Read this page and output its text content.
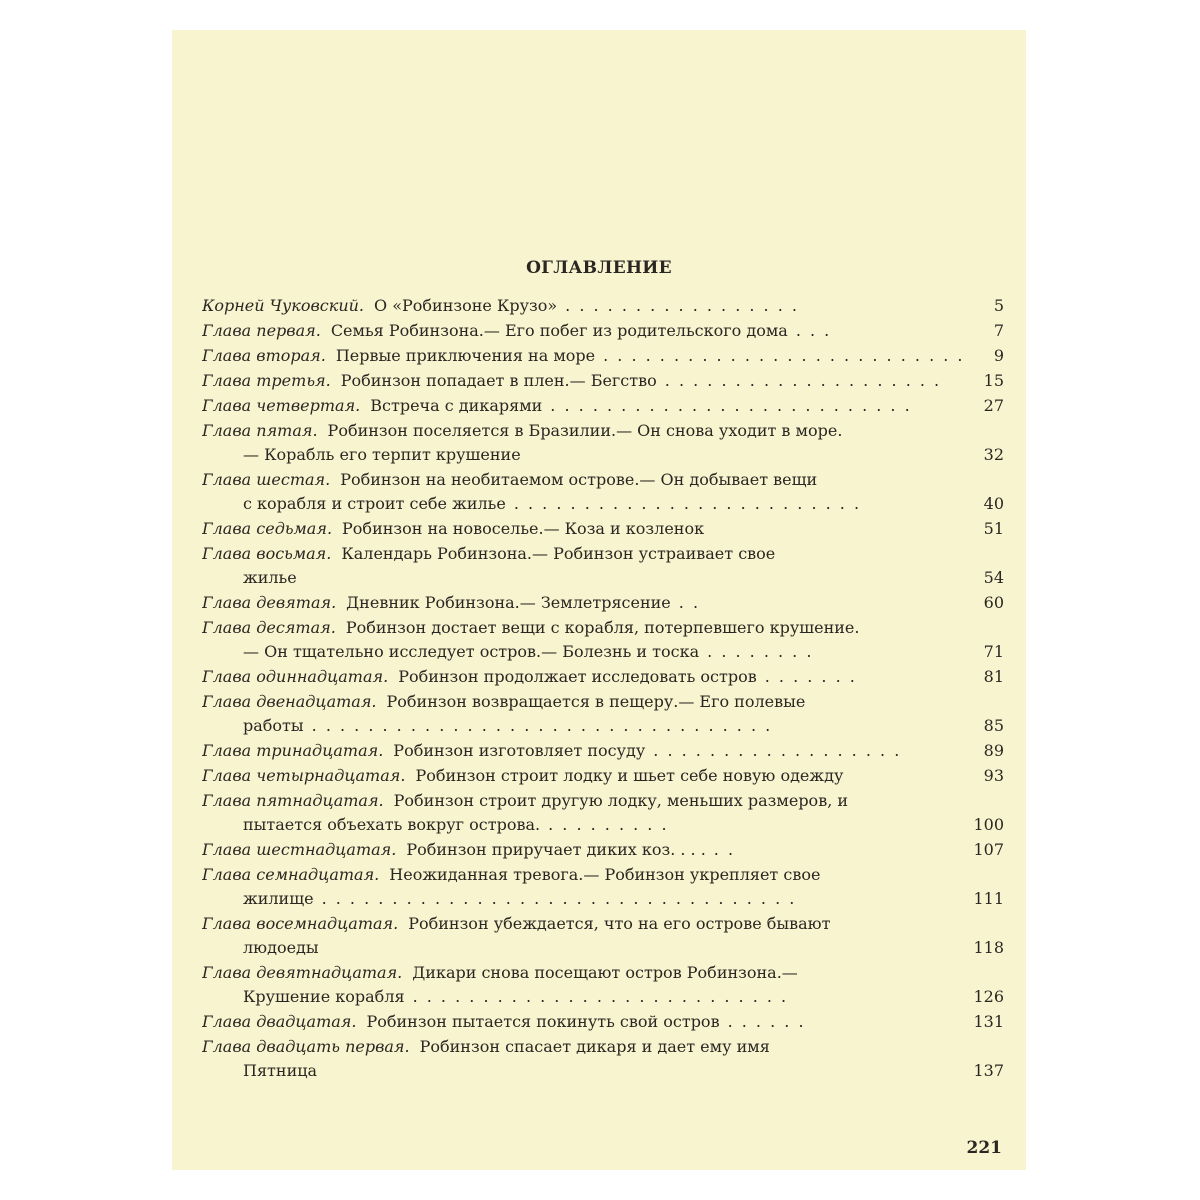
ОГЛАВЛЕНИЕ
Корней Чуковский. О «Робинзоне Крузо» . . . . . . . . . . . . . . . . .	5
Глава первая. Семья Робинзона.— Его побег из родительского дома . . .	7
Глава вторая. Первые приключения на море . . . . . . . . . . . . . . . . . . . . . . . . . . 9
Глава третья. Робинзон попадает в плен.— Бегство . . . . . . . . . . . . . . . . . . . .	15
Глава четвертая. Встреча с дикарями . . . . . . . . . . . . . . . . . . . . . . . . . .	27
Глава пятая. Робинзон поселяется в Бразилии.— Он снова уходит в море.
— Корабль его терпит крушение	32
Глава шестая. Робинзон на необитаемом острове.— Он добывает вещи
с корабля и строит себе жилье . . . . . . . . . . . . . . . . . . . . . . . . .	40
Глава седьмая. Робинзон на новоселье.— Коза и козленок	51
Глава восьмая. Календарь Робинзона.— Робинзон устраивает свое
жилье	54
Глава девятая. Дневник Робинзона.— Землетрясение . .	60
Глава десятая. Робинзон достает вещи с корабля, потерпевшего крушение.
— Он тщательно исследует остров.— Болезнь и тоска . . . . . . . .	71
Глава одиннадцатая. Робинзон продолжает исследовать остров . . . . . . .	81
Глава двенадцатая. Робинзон возвращается в пещеру.— Его полевые
работы . . . . . . . . . . . . . . . . . . . . . . . . . . . . . . . . .	85
Глава тринадцатая. Робинзон изготовляет посуду . . . . . . . . . . . . . . . . . .	89
Глава четырнадцатая. Робинзон строит лодку и шьет себе новую одежду	93
Глава пятнадцатая. Робинзон строит другую лодку, меньших размеров, и
пытается объехать вокруг острова. . . . . . . . . .	100
Глава шестнадцатая. Робинзон приручает диких коз. . . . . .	107
Глава семнадцатая. Неожиданная тревога.— Робинзон укрепляет свое
жилище . . . . . . . . . . . . . . . . . . . . . . . . . . . . . . . . . .	111
Глава восемнадцатая. Робинзон убеждается, что на его острове бывают
людоеды	118
Глава девятнадцатая. Дикари снова посещают остров Робинзона.—
Крушение корабля . . . . . . . . . . . . . . . . . . . . . . . . . . .	126
Глава двадцатая. Робинзон пытается покинуть свой остров . . . . . .	131
Глава двадцать первая. Робинзон спасает дикаря и дает ему имя
Пятница	137
221
